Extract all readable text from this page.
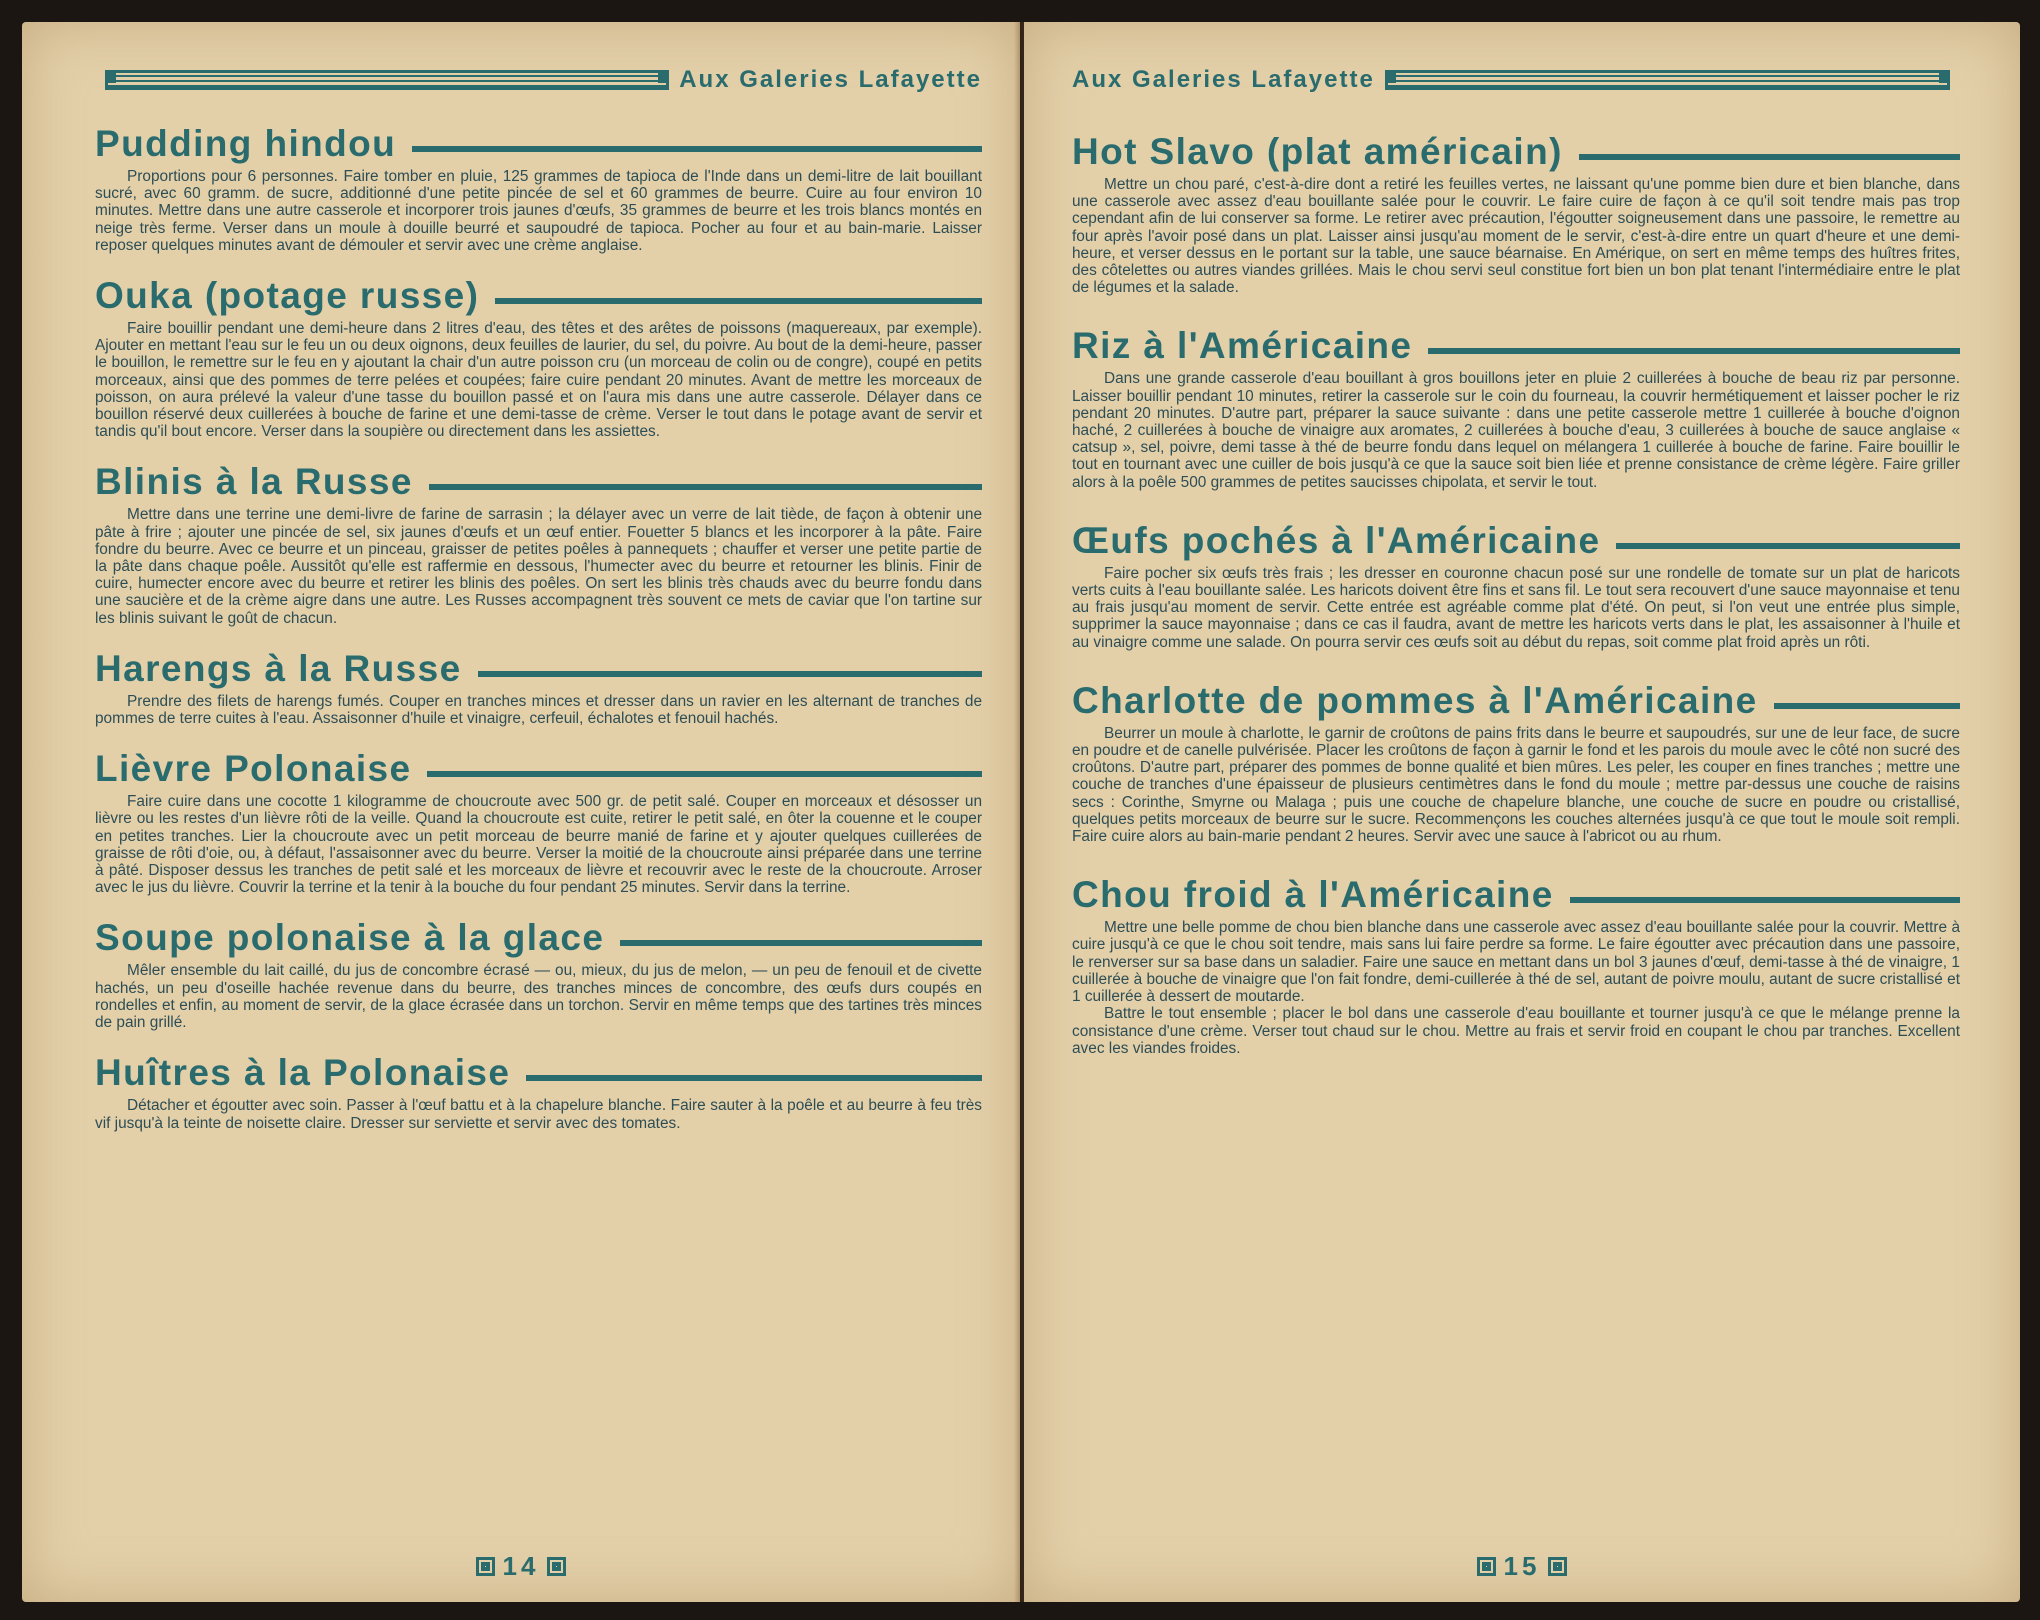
Aux Galeries Lafayette
Pudding hindou

Proportions pour 6 personnes. Faire tomber en pluie, 125 grammes de tapioca de l'Inde dans un demi-litre de lait bouillant sucré, avec 60 gramm. de sucre, additionné d'une petite pincée de sel et 60 grammes de beurre. Cuire au four environ 10 minutes. Mettre dans une autre casserole et incorporer trois jaunes d'œufs, 35 grammes de beurre et les trois blancs montés en neige très ferme. Verser dans un moule à douille beurré et saupoudré de tapioca. Pocher au four et au bain-marie. Laisser reposer quelques minutes avant de démouler et servir avec une crème anglaise.

Ouka (potage russe)

Faire bouillir pendant une demi-heure dans 2 litres d'eau, des têtes et des arêtes de poissons (maquereaux, par exemple). Ajouter en mettant l'eau sur le feu un ou deux oignons, deux feuilles de laurier, du sel, du poivre. Au bout de la demi-heure, passer le bouillon, le remettre sur le feu en y ajoutant la chair d'un autre poisson cru (un morceau de colin ou de congre), coupé en petits morceaux, ainsi que des pommes de terre pelées et coupées; faire cuire pendant 20 minutes. Avant de mettre les morceaux de poisson, on aura prélevé la valeur d'une tasse du bouillon passé et on l'aura mis dans une autre casserole. Délayer dans ce bouillon réservé deux cuillerées à bouche de farine et une demi-tasse de crème. Verser le tout dans le potage avant de servir et tandis qu'il bout encore. Verser dans la soupière ou directement dans les assiettes.

Blinis à la Russe

Mettre dans une terrine une demi-livre de farine de sarrasin ; la délayer avec un verre de lait tiède, de façon à obtenir une pâte à frire ; ajouter une pincée de sel, six jaunes d'œufs et un œuf entier. Fouetter 5 blancs et les incorporer à la pâte. Faire fondre du beurre. Avec ce beurre et un pinceau, graisser de petites poêles à pannequets ; chauffer et verser une petite partie de la pâte dans chaque poêle. Aussitôt qu'elle est raffermie en dessous, l'humecter avec du beurre et retourner les blinis. Finir de cuire, humecter encore avec du beurre et retirer les blinis des poêles. On sert les blinis très chauds avec du beurre fondu dans une saucière et de la crème aigre dans une autre. Les Russes accompagnent très souvent ce mets de caviar que l'on tartine sur les blinis suivant le goût de chacun.

Harengs à la Russe

Prendre des filets de harengs fumés. Couper en tranches minces et dresser dans un ravier en les alternant de tranches de pommes de terre cuites à l'eau. Assaisonner d'huile et vinaigre, cerfeuil, échalotes et fenouil hachés.

Lièvre Polonaise

Faire cuire dans une cocotte 1 kilogramme de choucroute avec 500 gr. de petit salé. Couper en morceaux et désosser un lièvre ou les restes d'un lièvre rôti de la veille. Quand la choucroute est cuite, retirer le petit salé, en ôter la couenne et le couper en petites tranches. Lier la choucroute avec un petit morceau de beurre manié de farine et y ajouter quelques cuillerées de graisse de rôti d'oie, ou, à défaut, l'assaisonner avec du beurre. Verser la moitié de la choucroute ainsi préparée dans une terrine à pâté. Disposer dessus les tranches de petit salé et les morceaux de lièvre et recouvrir avec le reste de la choucroute. Arroser avec le jus du lièvre. Couvrir la terrine et la tenir à la bouche du four pendant 25 minutes. Servir dans la terrine.

Soupe polonaise à la glace

Mêler ensemble du lait caillé, du jus de concombre écrasé — ou, mieux, du jus de melon, — un peu de fenouil et de civette hachés, un peu d'oseille hachée revenue dans du beurre, des tranches minces de concombre, des œufs durs coupés en rondelles et enfin, au moment de servir, de la glace écrasée dans un torchon. Servir en même temps que des tartines très minces de pain grillé.

Huîtres à la Polonaise

Détacher et égoutter avec soin. Passer à l'œuf battu et à la chapelure blanche. Faire sauter à la poêle et au beurre à feu très vif jusqu'à la teinte de noisette claire. Dresser sur serviette et servir avec des tomates.

14
Aux Galeries Lafayette
Hot Slavo (plat américain)

Mettre un chou paré, c'est-à-dire dont a retiré les feuilles vertes, ne laissant qu'une pomme bien dure et bien blanche, dans une casserole avec assez d'eau bouillante salée pour le couvrir. Le faire cuire de façon à ce qu'il soit tendre mais pas trop cependant afin de lui conserver sa forme. Le retirer avec précaution, l'égoutter soigneusement dans une passoire, le remettre au four après l'avoir posé dans un plat. Laisser ainsi jusqu'au moment de le servir, c'est-à-dire entre un quart d'heure et une demi-heure, et verser dessus en le portant sur la table, une sauce béarnaise. En Amérique, on sert en même temps des huîtres frites, des côtelettes ou autres viandes grillées. Mais le chou servi seul constitue fort bien un bon plat tenant l'intermédiaire entre le plat de légumes et la salade.

Riz à l'Américaine

Dans une grande casserole d'eau bouillant à gros bouillons jeter en pluie 2 cuillerées à bouche de beau riz par personne. Laisser bouillir pendant 10 minutes, retirer la casserole sur le coin du fourneau, la couvrir hermétiquement et laisser pocher le riz pendant 20 minutes. D'autre part, préparer la sauce suivante : dans une petite casserole mettre 1 cuillerée à bouche d'oignon haché, 2 cuillerées à bouche de vinaigre aux aromates, 2 cuillerées à bouche d'eau, 3 cuillerées à bouche de sauce anglaise « catsup », sel, poivre, demi tasse à thé de beurre fondu dans lequel on mélangera 1 cuillerée à bouche de farine. Faire bouillir le tout en tournant avec une cuiller de bois jusqu'à ce que la sauce soit bien liée et prenne consistance de crème légère. Faire griller alors à la poêle 500 grammes de petites saucisses chipolata, et servir le tout.

Œufs pochés à l'Américaine

Faire pocher six œufs très frais ; les dresser en couronne chacun posé sur une rondelle de tomate sur un plat de haricots verts cuits à l'eau bouillante salée. Les haricots doivent être fins et sans fil. Le tout sera recouvert d'une sauce mayonnaise et tenu au frais jusqu'au moment de servir. Cette entrée est agréable comme plat d'été. On peut, si l'on veut une entrée plus simple, supprimer la sauce mayonnaise ; dans ce cas il faudra, avant de mettre les haricots verts dans le plat, les assaisonner à l'huile et au vinaigre comme une salade. On pourra servir ces œufs soit au début du repas, soit comme plat froid après un rôti.

Charlotte de pommes à l'Américaine

Beurrer un moule à charlotte, le garnir de croûtons de pains frits dans le beurre et saupoudrés, sur une de leur face, de sucre en poudre et de canelle pulvérisée. Placer les croûtons de façon à garnir le fond et les parois du moule avec le côté non sucré des croûtons. D'autre part, préparer des pommes de bonne qualité et bien mûres. Les peler, les couper en fines tranches ; mettre une couche de tranches d'une épaisseur de plusieurs centimètres dans le fond du moule ; mettre par-dessus une couche de raisins secs : Corinthe, Smyrne ou Malaga ; puis une couche de chapelure blanche, une couche de sucre en poudre ou cristallisé, quelques petits morceaux de beurre sur le sucre. Recommençons les couches alternées jusqu'à ce que tout le moule soit rempli. Faire cuire alors au bain-marie pendant 2 heures. Servir avec une sauce à l'abricot ou au rhum.

Chou froid à l'Américaine

Mettre une belle pomme de chou bien blanche dans une casserole avec assez d'eau bouillante salée pour la couvrir. Mettre à cuire jusqu'à ce que le chou soit tendre, mais sans lui faire perdre sa forme. Le faire égoutter avec précaution dans une passoire, le renverser sur sa base dans un saladier. Faire une sauce en mettant dans un bol 3 jaunes d'œuf, demi-tasse à thé de vinaigre, 1 cuillerée à bouche de vinaigre que l'on fait fondre, demi-cuillerée à thé de sel, autant de poivre moulu, autant de sucre cristallisé et 1 cuillerée à dessert de moutarde.

Battre le tout ensemble ; placer le bol dans une casserole d'eau bouillante et tourner jusqu'à ce que le mélange prenne la consistance d'une crème. Verser tout chaud sur le chou. Mettre au frais et servir froid en coupant le chou par tranches. Excellent avec les viandes froides.

15
